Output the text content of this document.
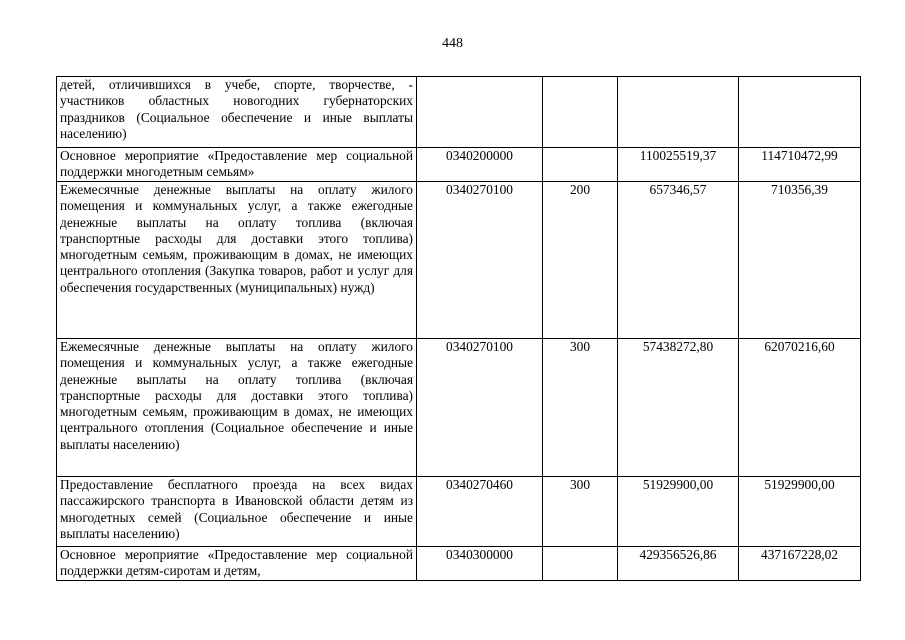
448
детей, отличившихся в учебе, спорте, творчестве, - участников областных новогодних губернаторских праздников (Социальное обеспечение и иные выплаты населению)				
Основное мероприятие «Предоставление мер социальной поддержки многодетным семьям»	0340200000		110025519,37	114710472,99
Ежемесячные денежные выплаты на оплату жилого помещения и коммунальных услуг, а также ежегодные денежные выплаты на оплату топлива (включая транспортные расходы для доставки этого топлива) многодетным семьям, проживающим в домах, не имеющих центрального отопления (Закупка товаров, работ и услуг для обеспечения государственных (муниципальных) нужд)	0340270100	200	657346,57	710356,39
Ежемесячные денежные выплаты на оплату жилого помещения и коммунальных услуг, а также ежегодные денежные выплаты на оплату топлива (включая транспортные расходы для доставки этого топлива) многодетным семьям, проживающим в домах, не имеющих центрального отопления (Социальное обеспечение и иные выплаты населению)	0340270100	300	57438272,80	62070216,60
Предоставление бесплатного проезда на всех видах пассажирского транспорта в Ивановской области детям из многодетных семей (Социальное обеспечение и иные выплаты населению)	0340270460	300	51929900,00	51929900,00
Основное мероприятие «Предоставление мер социальной поддержки детям-сиротам и детям,	0340300000		429356526,86	437167228,02
